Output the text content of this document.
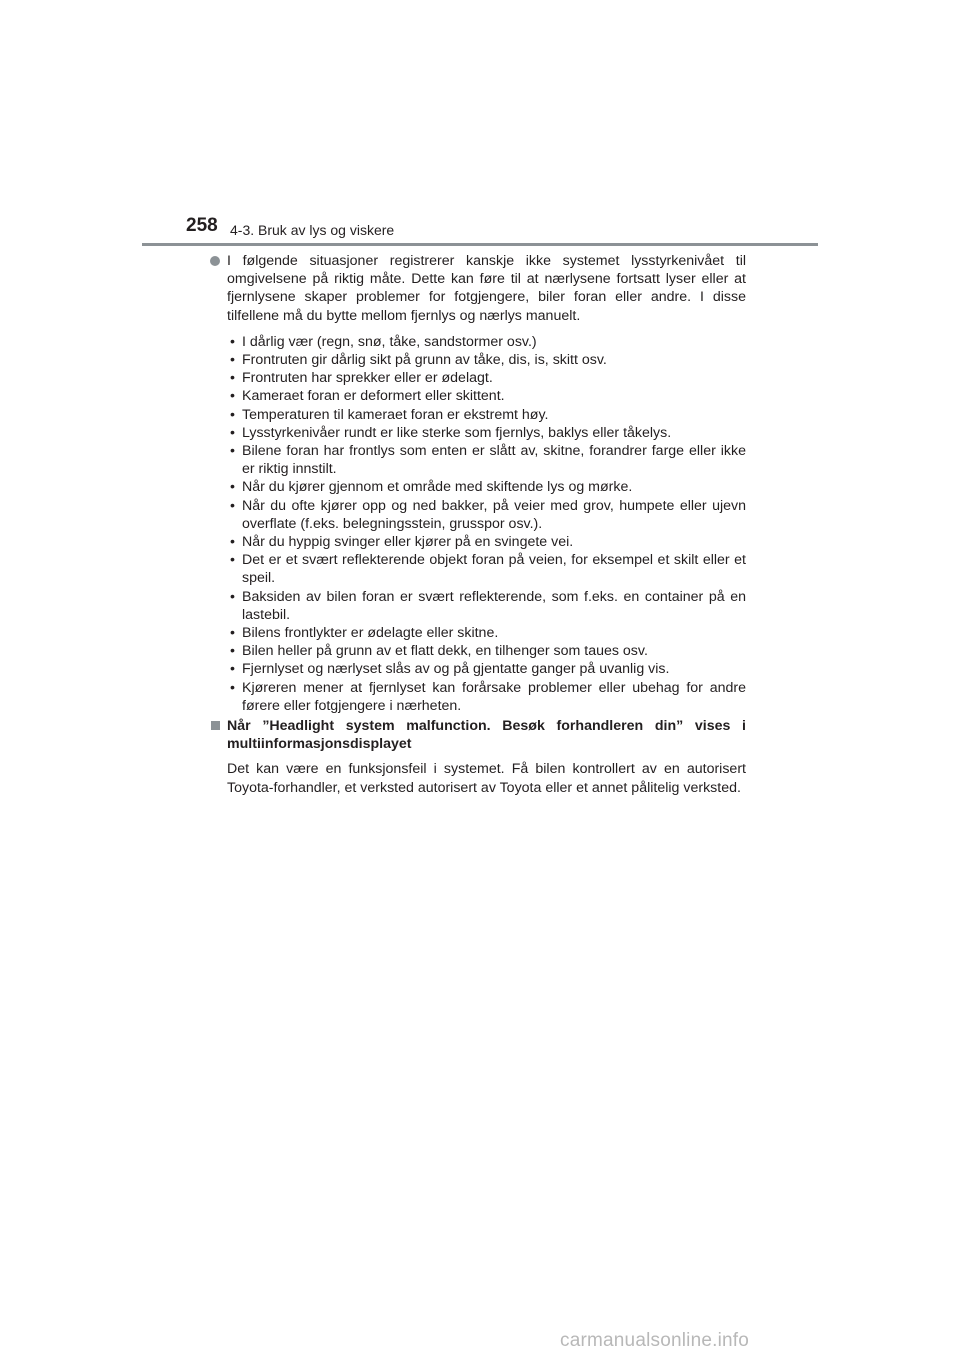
258 4-3. Bruk av lys og viskere
I følgende situasjoner registrerer kanskje ikke systemet lysstyrkenivået til omgivelsene på riktig måte. Dette kan føre til at nærlysene fortsatt lyser eller at fjernlysene skaper problemer for fotgjengere, biler foran eller andre. I disse tilfellene må du bytte mellom fjernlys og nærlys manuelt.
• I dårlig vær (regn, snø, tåke, sandstormer osv.)
• Frontruten gir dårlig sikt på grunn av tåke, dis, is, skitt osv.
• Frontruten har sprekker eller er ødelagt.
• Kameraet foran er deformert eller skittent.
• Temperaturen til kameraet foran er ekstremt høy.
• Lysstyrkenivåer rundt er like sterke som fjernlys, baklys eller tåkelys.
• Bilene foran har frontlys som enten er slått av, skitne, forandrer farge eller ikke er riktig innstilt.
• Når du kjører gjennom et område med skiftende lys og mørke.
• Når du ofte kjører opp og ned bakker, på veier med grov, humpete eller ujevn overflate (f.eks. belegningsstein, grusspor osv.).
• Når du hyppig svinger eller kjører på en svingete vei.
• Det er et svært reflekterende objekt foran på veien, for eksempel et skilt eller et speil.
• Baksiden av bilen foran er svært reflekterende, som f.eks. en container på en lastebil.
• Bilens frontlykter er ødelagte eller skitne.
• Bilen heller på grunn av et flatt dekk, en tilhenger som taues osv.
• Fjernlyset og nærlyset slås av og på gjentatte ganger på uvanlig vis.
• Kjøreren mener at fjernlyset kan forårsake problemer eller ubehag for andre førere eller fotgjengere i nærheten.
Når ”Headlight system malfunction. Besøk forhandleren din” vises i multiinformasjonsdisplayet
Det kan være en funksjonsfeil i systemet. Få bilen kontrollert av en autorisert Toyota-forhandler, et verksted autorisert av Toyota eller et annet pålitelig verksted.
carmanualsonline.info
